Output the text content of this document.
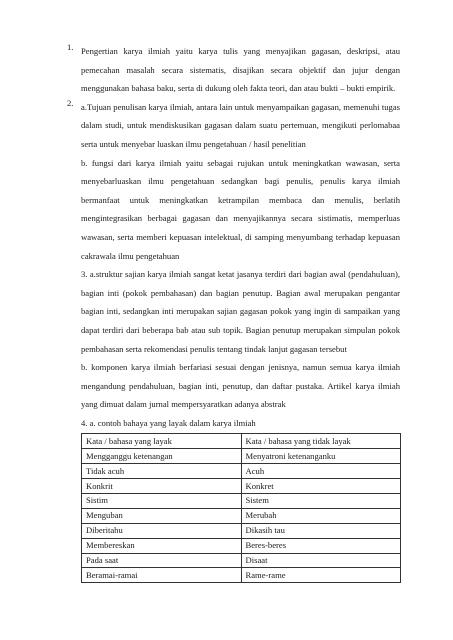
1. Pengertian karya ilmiah yaitu karya tulis yang menyajikan gagasan, deskripsi, atau pemecahan masalah secara sistematis, disajikan secara objektif dan jujur dengan menggunakan bahasa baku, serta di dukung oleh fakta teori, dan atau bukti – bukti empirik.

2. a.Tujuan penulisan karya ilmiah, antara lain untuk menyampaikan gagasan, memenuhi tugas dalam studi, untuk mendiskusikan gagasan dalam suatu pertemuan, mengikuti perlomabaa serta untuk menyebar luaskan ilmu pengetahuan / hasil penelitian

b. fungsi dari karya ilmiah yaitu sebagai rujukan untuk meningkatkan wawasan, serta menyebarluaskan ilmu pengetahuan sedangkan bagi penulis, penulis karya ilmiah bermanfaat untuk meningkatkan ketrampilan membaca dan menulis, berlatih mengintegrasikan berbagai gagasan dan menyajikannya secara sistimatis, memperluas wawasan, serta memberi kepuasan intelektual, di samping menyumbang terhadap kepuasan cakrawala ilmu pengetahuan

3. a.struktur sajian karya ilmiah sangat ketat jasanya terdiri dari bagian awal (pendahuluan), bagian inti (pokok pembahasan) dan bagian penutup. Bagian awal merupakan pengantar bagian inti, sedangkan inti merupakan sajian gagasan pokok yang ingin di sampaikan yang dapat terdiri dari beberapa bab atau sub topik. Bagian penutup merupakan simpulan pokok pembahasan serta rekomendasi penulis tentang tindak lanjut gagasan tersebut

b. komponen karya ilmiah berfariasi sesuai dengan jenisnya, namun semua karya ilmiah mengandung pendahuluan, bagian inti, penutup, dan daftar pustaka. Artikel karya ilmiah yang dimuat dalam jurnal mempersyaratkan adanya abstrak

4. a. contoh bahaya yang layak dalam karya ilmiah

Kata / bahasa yang layak	Kata / bahasa yang tidak layak
Mengganggu ketenangan	Menyatroni ketenanganku
Tidak acuh	Acuh
Konkrit	Konkret
Sistim	Sistem
Menguban	Merubah
Diberitahu	Dikasih tau
Membereskan	Beres-beres
Pada saat	Disaat
Beramai-ramai	Rame-rame
